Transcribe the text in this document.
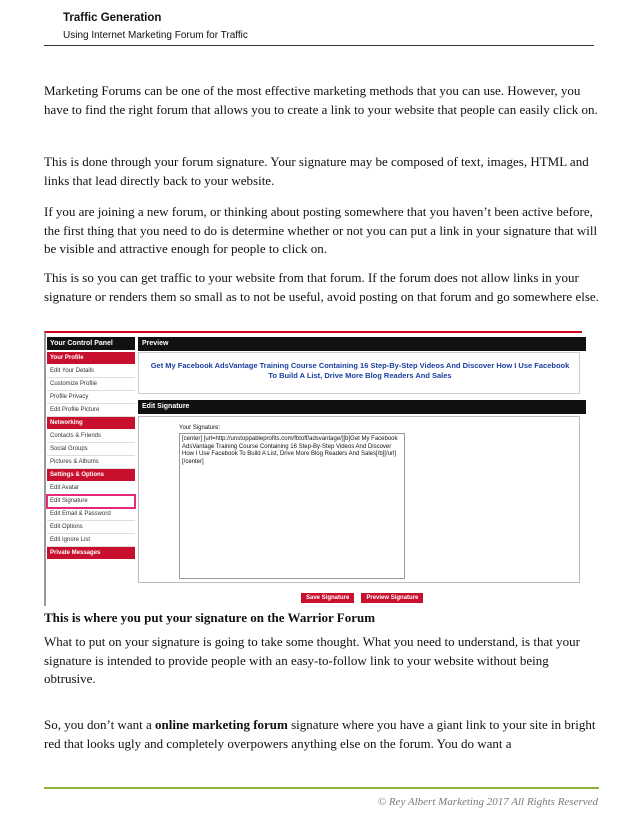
Traffic Generation
Using Internet Marketing Forum for Traffic

Marketing Forums can be one of the most effective marketing methods that you can use. However, you have to find the right forum that allows you to create a link to your website that people can easily click on.

This is done through your forum signature. Your signature may be composed of text, images, HTML and links that lead directly back to your website.

If you are joining a new forum, or thinking about posting somewhere that you haven’t been active before, the first thing that you need to do is determine whether or not you can put a link in your signature that will be visible and attractive enough for people to click on.

This is so you can get traffic to your website from that forum. If the forum does not allow links in your signature or renders them so small as to not be useful, avoid posting on that forum and go somewhere else.

Your Control Panel
Your Profile
Edit Your Details
Customize Profile
Profile Privacy
Edit Profile Picture
Networking
Contacts & Friends
Social Groups
Pictures & Albums
Settings & Options
Edit Avatar
Edit Signature
Edit Email & Password
Edit Options
Edit Ignore List
Private Messages
Preview
Get My Facebook AdsVantage Training Course Containing 16 Step-By-Step Videos And Discover How I Use Facebook To Build A List, Drive More Blog Readers And Sales
Edit Signature
Your Signature:
[center] [url=http://unstoppableprofits.com/fbtoff/adsvantage/][b]Get My Facebook AdsVantage Training Course Containing 16 Step-By-Step Videos And Discover How I Use Facebook To Build A List, Drive More Blog Readers And Sales[/b][/url][/center]
Save Signature	Preview Signature
This is where you put your signature on the Warrior Forum

What to put on your signature is going to take some thought. What you need to understand, is that your signature is intended to provide people with an easy-to-follow link to your website without being obtrusive.

So, you don’t want a online marketing forum signature where you have a giant link to your site in bright red that looks ugly and completely overpowers anything else on the forum. You do want a

© Rey Albert Marketing 2017 All Rights Reserved
